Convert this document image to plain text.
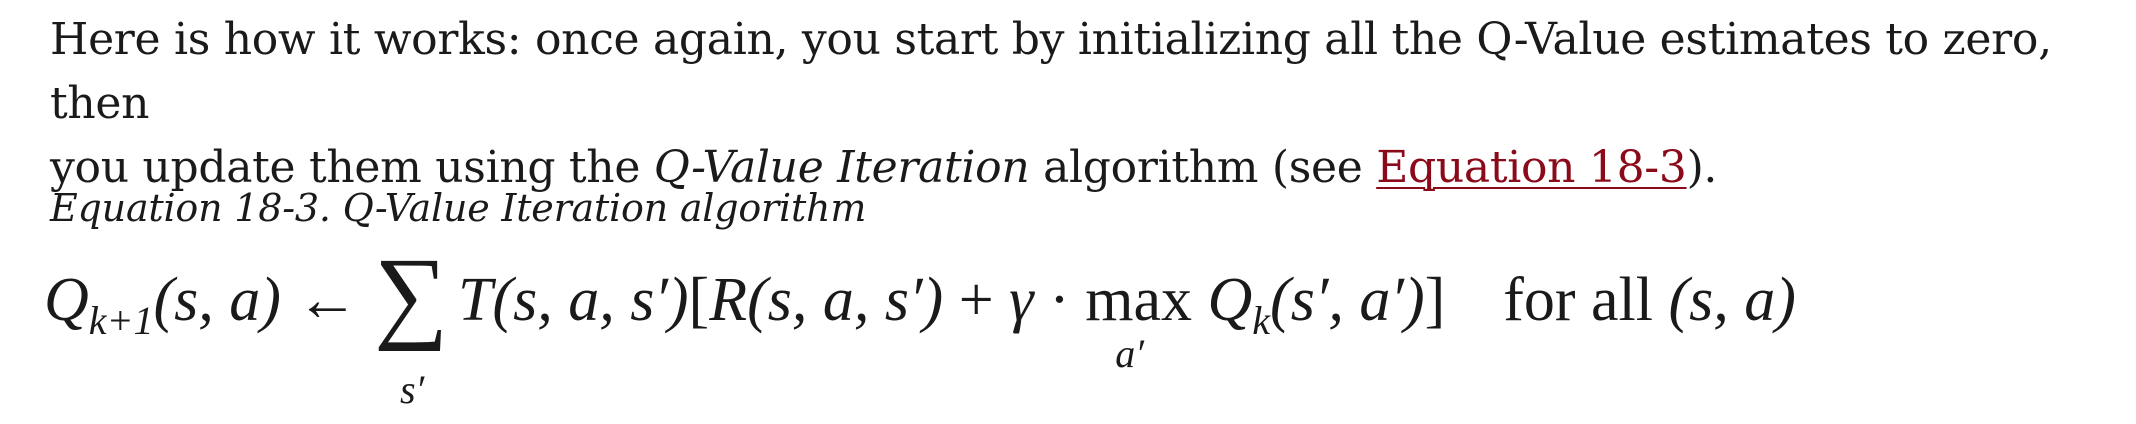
Here is how it works: once again, you start by initializing all the Q-Value estimates to zero, then
you update them using the Q-Value Iteration algorithm (see Equation 18-3).
Equation 18-3. Q-Value Iteration algorithm
$Q_{k+1}(s$, a) ← ∑
s′
T(s, a, s′)[R(s, a, s′) + γ · max
a′
$Q_k(s'$, a′)] for all (s, a)
